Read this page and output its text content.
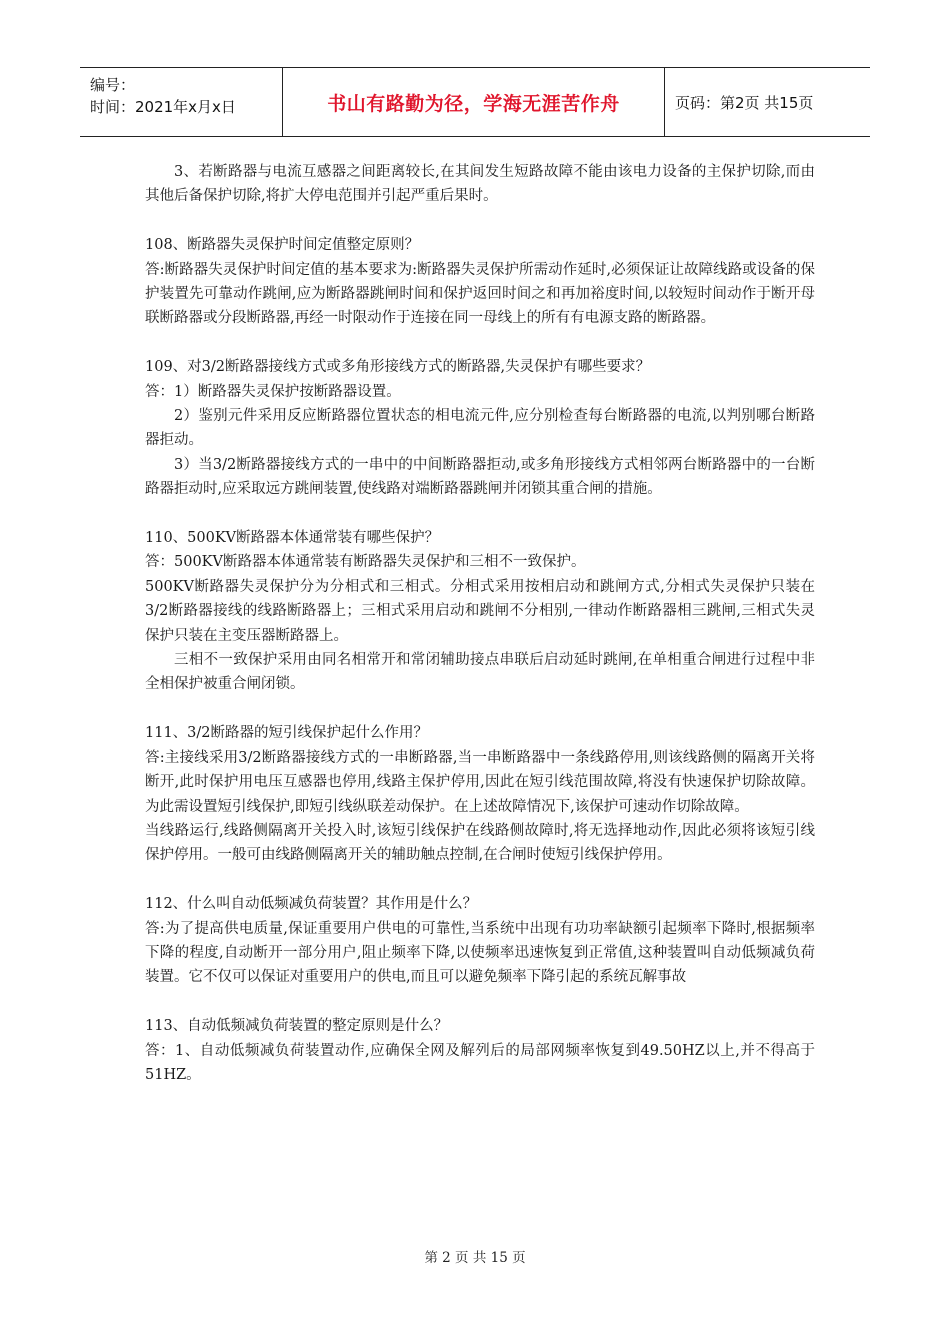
编号：
时间：2021年x月x日	书山有路勤为径，学海无涯苦作舟	页码：第2页 共15页

3、若断路器与电流互感器之间距离较长,在其间发生短路故障不能由该电力设备的主保护切除,而由其他后备保护切除,将扩大停电范围并引起严重后果时。

108、断路器失灵保护时间定值整定原则？

答:断路器失灵保护时间定值的基本要求为:断路器失灵保护所需动作延时,必须保证让故障线路或设备的保护装置先可靠动作跳闸,应为断路器跳闸时间和保护返回时间之和再加裕度时间,以较短时间动作于断开母联断路器或分段断路器,再经一时限动作于连接在同一母线上的所有有电源支路的断路器。

109、对3/2断路器接线方式或多角形接线方式的断路器,失灵保护有哪些要求？

答：1）断路器失灵保护按断路器设置。

2）鉴别元件采用反应断路器位置状态的相电流元件,应分别检查每台断路器的电流,以判别哪台断路器拒动。

3）当3/2断路器接线方式的一串中的中间断路器拒动,或多角形接线方式相邻两台断路器中的一台断路器拒动时,应采取远方跳闸装置,使线路对端断路器跳闸并闭锁其重合闸的措施。

110、500KV断路器本体通常装有哪些保护？

答：500KV断路器本体通常装有断路器失灵保护和三相不一致保护。

500KV断路器失灵保护分为分相式和三相式。分相式采用按相启动和跳闸方式,分相式失灵保护只装在3/2断路器接线的线路断路器上；三相式采用启动和跳闸不分相别,一律动作断路器相三跳闸,三相式失灵保护只装在主变压器断路器上。

三相不一致保护采用由同名相常开和常闭辅助接点串联后启动延时跳闸,在单相重合闸进行过程中非全相保护被重合闸闭锁。

111、3/2断路器的短引线保护起什么作用？

答:主接线采用3/2断路器接线方式的一串断路器,当一串断路器中一条线路停用,则该线路侧的隔离开关将断开,此时保护用电压互感器也停用,线路主保护停用,因此在短引线范围故障,将没有快速保护切除故障。为此需设置短引线保护,即短引线纵联差动保护。在上述故障情况下,该保护可速动作切除故障。

当线路运行,线路侧隔离开关投入时,该短引线保护在线路侧故障时,将无选择地动作,因此必须将该短引线保护停用。一般可由线路侧隔离开关的辅助触点控制,在合闸时使短引线保护停用。

112、什么叫自动低频减负荷装置？其作用是什么？

答:为了提高供电质量,保证重要用户供电的可靠性,当系统中出现有功功率缺额引起频率下降时,根据频率下降的程度,自动断开一部分用户,阻止频率下降,以使频率迅速恢复到正常值,这种装置叫自动低频减负荷装置。它不仅可以保证对重要用户的供电,而且可以避免频率下降引起的系统瓦解事故

113、自动低频减负荷装置的整定原则是什么？

答：1、自动低频减负荷装置动作,应确保全网及解列后的局部网频率恢复到49.50HZ以上,并不得高于51HZ。

第 2 页 共 15 页
